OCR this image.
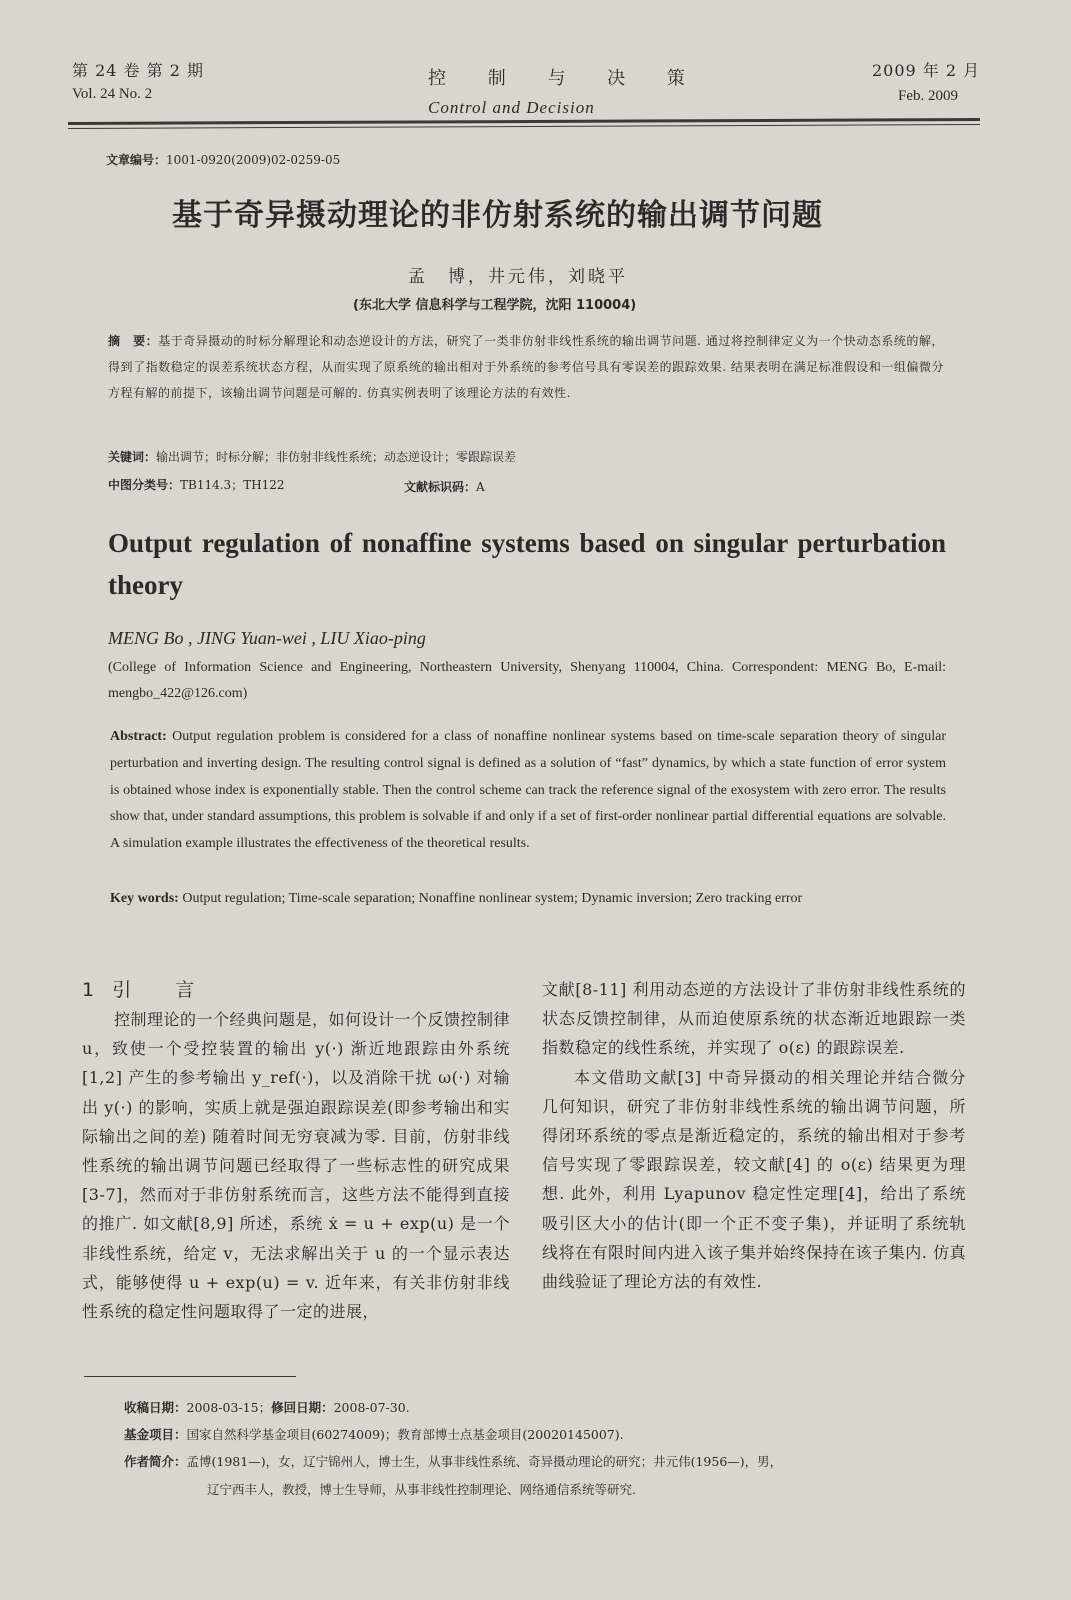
第 24 卷 第 2 期
Vol. 24 No. 2
控 制 与 决 策
Control and Decision
2009 年 2 月
Feb. 2009
文章编号：1001-0920(2009)02-0259-05
基于奇异摄动理论的非仿射系统的输出调节问题
孟　博，井元伟，刘晓平
(东北大学 信息科学与工程学院，沈阳 110004)
摘　要：基于奇异摄动的时标分解理论和动态逆设计的方法，研究了一类非仿射非线性系统的输出调节问题. 通过将控制律定义为一个快动态系统的解，得到了指数稳定的误差系统状态方程，从而实现了原系统的输出相对于外系统的参考信号具有零误差的跟踪效果. 结果表明在满足标准假设和一组偏微分方程有解的前提下，该输出调节问题是可解的. 仿真实例表明了该理论方法的有效性.
关键词：输出调节；时标分解；非仿射非线性系统；动态逆设计；零跟踪误差
中图分类号：TB114.3；TH122	文献标识码：A
Output regulation of nonaffine systems based on singular perturbation theory
MENG Bo , JING Yuan-wei , LIU Xiao-ping
(College of Information Science and Engineering, Northeastern University, Shenyang 110004, China. Correspondent: MENG Bo, E-mail: mengbo_422@126.com)
Abstract: Output regulation problem is considered for a class of nonaffine nonlinear systems based on time-scale separation theory of singular perturbation and inverting design. The resulting control signal is defined as a solution of “fast” dynamics, by which a state function of error system is obtained whose index is exponentially stable. Then the control scheme can track the reference signal of the exosystem with zero error. The results show that, under standard assumptions, this problem is solvable if and only if a set of first-order nonlinear partial differential equations are solvable. A simulation example illustrates the effectiveness of the theoretical results.
Key words: Output regulation; Time-scale separation; Nonaffine nonlinear system; Dynamic inversion; Zero tracking error
1 引　　言

控制理论的一个经典问题是，如何设计一个反馈控制律 u，致使一个受控装置的输出 y(·) 渐近地跟踪由外系统[1,2] 产生的参考输出 y_ref(·)，以及消除干扰 ω(·) 对输出 y(·) 的影响，实质上就是强迫跟踪误差(即参考输出和实际输出之间的差) 随着时间无穷衰减为零. 目前，仿射非线性系统的输出调节问题已经取得了一些标志性的研究成果[3-7]，然而对于非仿射系统而言，这些方法不能得到直接的推广. 如文献[8,9] 所述，系统 ẋ = u + exp(u) 是一个非线性系统，给定 v，无法求解出关于 u 的一个显示表达式，能够使得 u + exp(u) = v. 近年来，有关非仿射非线性系统的稳定性问题取得了一定的进展，

文献[8-11] 利用动态逆的方法设计了非仿射非线性系统的状态反馈控制律，从而迫使原系统的状态渐近地跟踪一类指数稳定的线性系统，并实现了 o(ε) 的跟踪误差.

本文借助文献[3] 中奇异摄动的相关理论并结合微分几何知识，研究了非仿射非线性系统的输出调节问题，所得闭环系统的零点是渐近稳定的，系统的输出相对于参考信号实现了零跟踪误差，较文献[4] 的 o(ε) 结果更为理想. 此外，利用 Lyapunov 稳定性定理[4]，给出了系统吸引区大小的估计(即一个正不变子集)，并证明了系统轨线将在有限时间内进入该子集并始终保持在该子集内. 仿真曲线验证了理论方法的有效性.

收稿日期：2008-03-15；修回日期：2008-07-30.
基金项目：国家自然科学基金项目(60274009)；教育部博士点基金项目(20020145007).
作者简介：孟博(1981—)，女，辽宁锦州人，博士生，从事非线性系统、奇异摄动理论的研究；井元伟(1956—)，男，
辽宁西丰人，教授，博士生导师，从事非线性控制理论、网络通信系统等研究.
